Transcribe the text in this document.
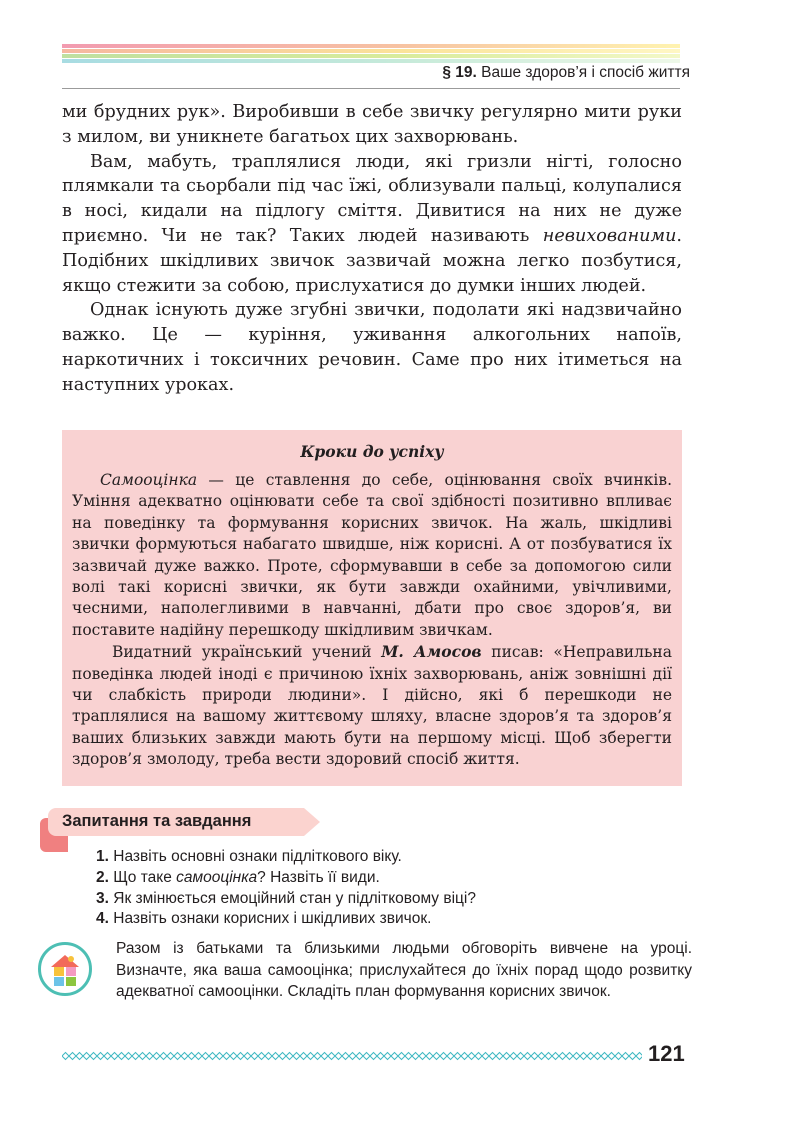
§ 19. Ваше здоров’я і спосіб життя

ми брудних рук». Виробивши в себе звичку регулярно мити руки з милом, ви уникнете багатьох цих захворювань.

Вам, мабуть, траплялися люди, які гризли нігті, голосно плямкали та сьорбали під час їжі, облизували пальці, колупалися в носі, кидали на підлогу сміття. Дивитися на них не дуже приємно. Чи не так? Таких людей називають невихованими. Подібних шкідливих звичок зазвичай можна легко позбутися, якщо стежити за собою, прислухатися до думки інших людей.

Однак існують дуже згубні звички, подолати які надзвичайно важко. Це — куріння, уживання алкогольних напоїв, наркотичних і токсичних речовин. Саме про них ітиметься на наступних уроках.

Кроки до успіху

Самооцінка — це ставлення до себе, оцінювання своїх вчинків. Уміння адекватно оцінювати себе та свої здібності позитивно впливає на поведінку та формування корисних звичок. На жаль, шкідливі звички формуються набагато швидше, ніж корисні. А от позбуватися їх зазвичай дуже важко. Проте, сформувавши в себе за допомогою сили волі такі корисні звички, як бути завжди охайними, увічливими, чесними, наполегливими в навчанні, дбати про своє здоров’я, ви поставите надійну перешкоду шкідливим звичкам.

Видатний український учений М. Амосов писав: «Неправильна поведінка людей іноді є причиною їхніх захворювань, аніж зовнішні дії чи слабкість природи людини». І дійсно, які б перешкоди не траплялися на вашому життєвому шляху, власне здоров’я та здоров’я ваших близьких завжди мають бути на першому місці. Щоб зберегти здоров’я змолоду, треба вести здоровий спосіб життя.

Запитання та завдання
1. Назвіть основні ознаки підліткового віку.
2. Що таке самооцінка? Назвіть її види.
3. Як змінюється емоційний стан у підлітковому віці?
4. Назвіть ознаки корисних і шкідливих звичок.
Разом із батьками та близькими людьми обговоріть вивчене на уроці. Визначте, яка ваша самооцінка; прислухайтеся до їхніх порад щодо розвитку адекватної самооцінки. Складіть план формування корисних звичок.
121
